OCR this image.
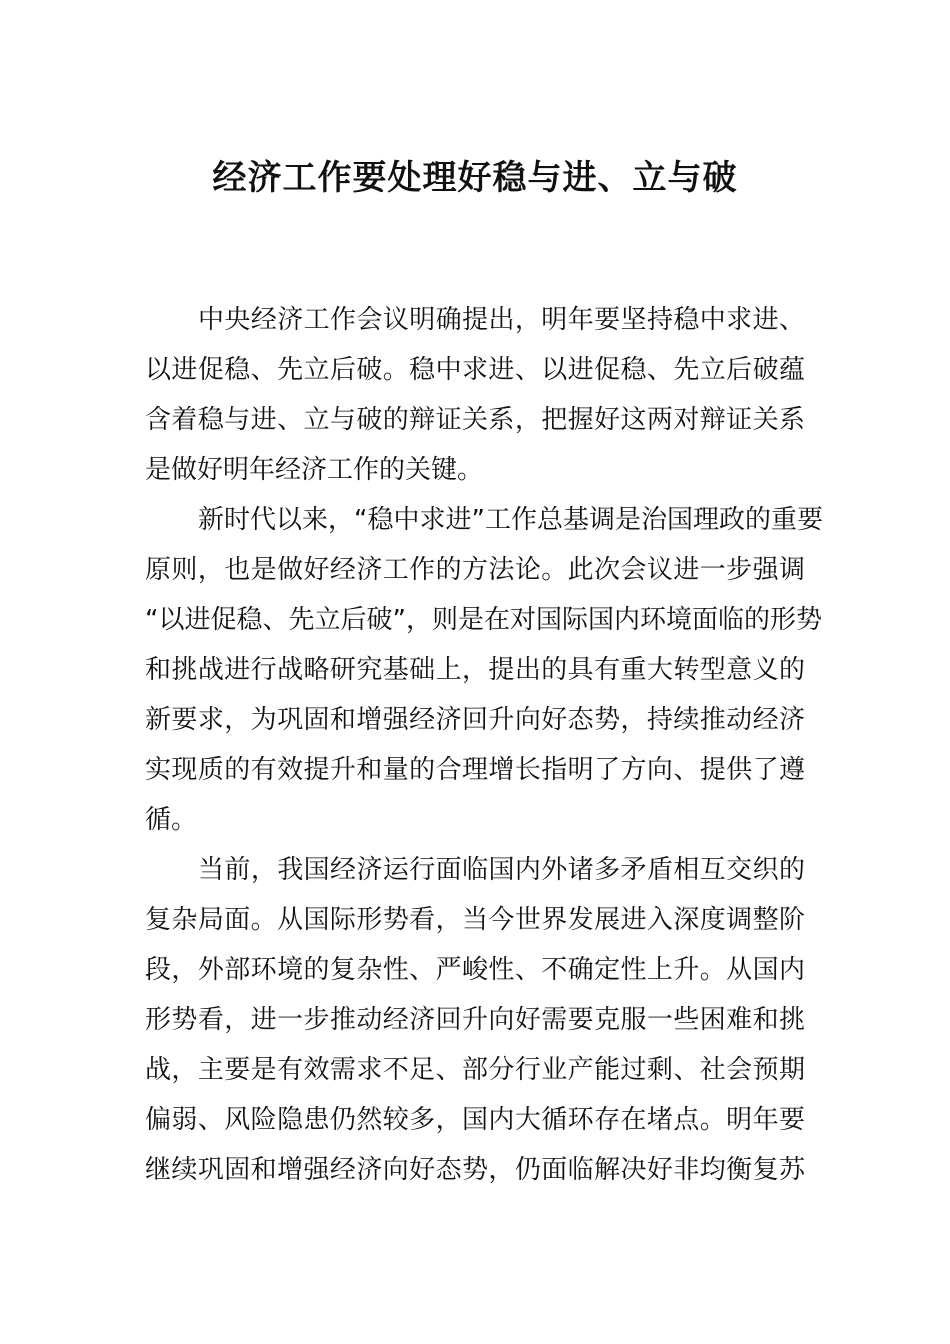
经济工作要处理好稳与进、立与破
中央经济工作会议明确提出，明年要坚持稳中求进、
以进促稳、先立后破。稳中求进、以进促稳、先立后破蕴
含着稳与进、立与破的辩证关系，把握好这两对辩证关系
是做好明年经济工作的关键。
新时代以来，“稳中求进”工作总基调是治国理政的重要
原则，也是做好经济工作的方法论。此次会议进一步强调
“以进促稳、先立后破”，则是在对国际国内环境面临的形势
和挑战进行战略研究基础上，提出的具有重大转型意义的
新要求，为巩固和增强经济回升向好态势，持续推动经济
实现质的有效提升和量的合理增长指明了方向、提供了遵
循。
当前，我国经济运行面临国内外诸多矛盾相互交织的
复杂局面。从国际形势看，当今世界发展进入深度调整阶
段，外部环境的复杂性、严峻性、不确定性上升。从国内
形势看，进一步推动经济回升向好需要克服一些困难和挑
战，主要是有效需求不足、部分行业产能过剩、社会预期
偏弱、风险隐患仍然较多，国内大循环存在堵点。明年要
继续巩固和增强经济向好态势，仍面临解决好非均衡复苏
